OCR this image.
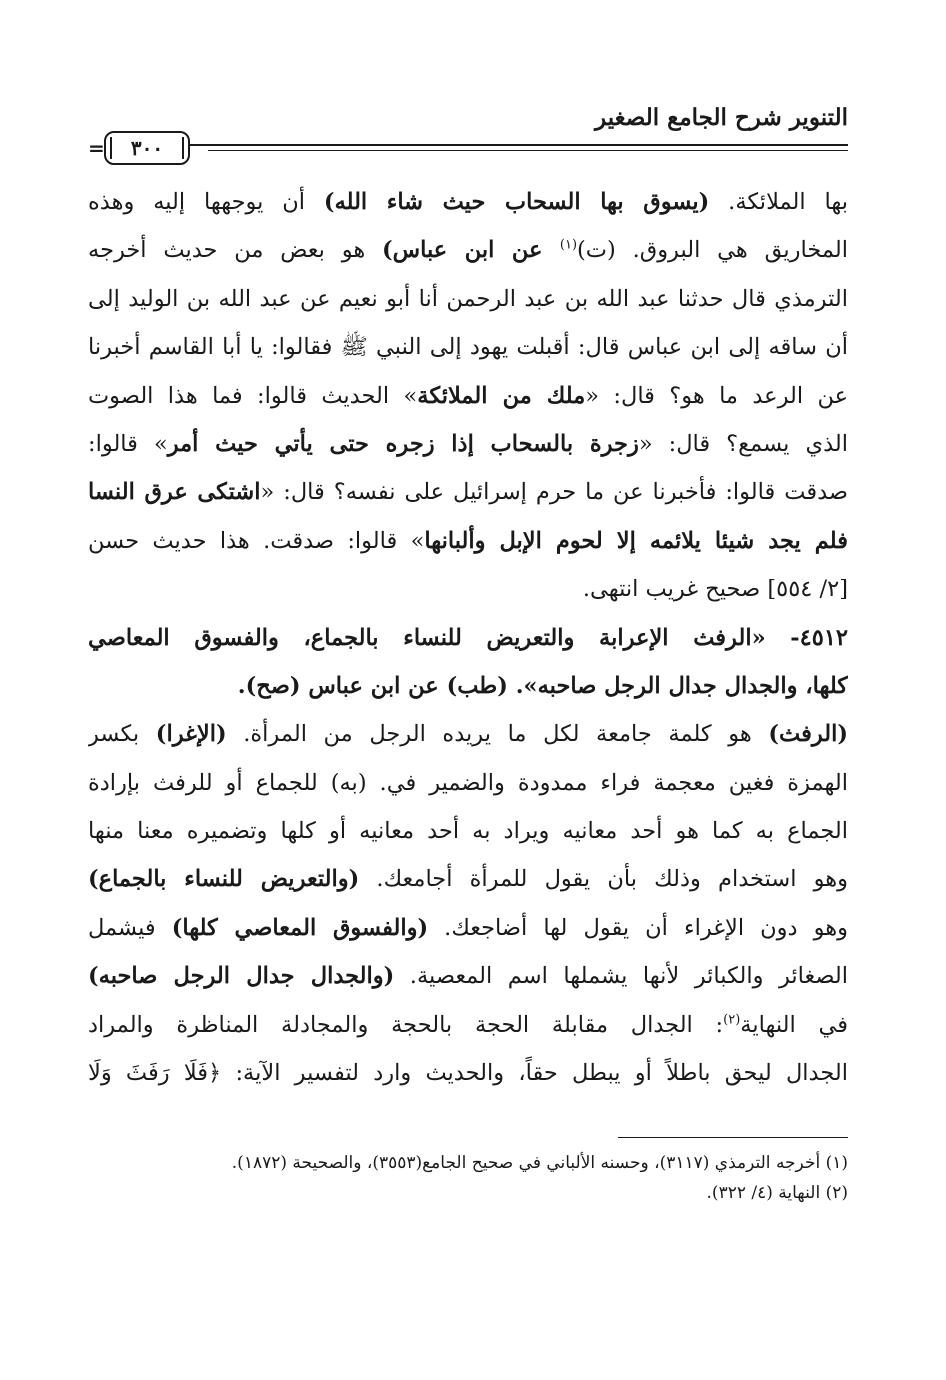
التنوير شرح الجامع الصغير
٣٠٠
=
بها الملائكة. (يسوق بها السحاب حيث شاء الله) أن يوجهها إليه وهذه
المخاريق هي البروق. (ت)$^{(١)}$ عن ابن عباس) هو بعض من حديث أخرجه
الترمذي قال حدثنا عبد الله بن عبد الرحمن أنا أبو نعيم عن عبد الله بن الوليد إلى
أن ساقه إلى ابن عباس قال: أقبلت يهود إلى النبي ﷺ فقالوا: يا أبا القاسم أخبرنا
عن الرعد ما هو؟ قال: «ملك من الملائكة» الحديث قالوا: فما هذا الصوت
الذي يسمع؟ قال: «زجرة بالسحاب إذا زجره حتى يأتي حيث أمر» قالوا:
صدقت قالوا: فأخبرنا عن ما حرم إسرائيل على نفسه؟ قال: «اشتكى عرق النسا
فلم يجد شيئا يلائمه إلا لحوم الإبل وألبانها» قالوا: صدقت. هذا حديث حسن
[٢/ ٥٥٤] صحيح غريب انتهى.
٤٥١٢- «الرفث الإعرابة والتعريض للنساء بالجماع، والفسوق المعاصي
كلها، والجدال جدال الرجل صاحبه». (طب) عن ابن عباس (صح).
(الرفث) هو كلمة جامعة لكل ما يريده الرجل من المرأة. (الإغرا) بكسر
الهمزة فغين معجمة فراء ممدودة والضمير في. (به) للجماع أو للرفث بإرادة
الجماع به كما هو أحد معانيه ويراد به أحد معانيه أو كلها وتضميره معنا منها
وهو استخدام وذلك بأن يقول للمرأة أجامعك. (والتعريض للنساء بالجماع)
وهو دون الإغراء أن يقول لها أضاجعك. (والفسوق المعاصي كلها) فيشمل
الصغائر والكبائر لأنها يشملها اسم المعصية. (والجدال جدال الرجل صاحبه)
في النهاية$^{(٢)}$: الجدال مقابلة الحجة بالحجة والمجادلة المناظرة والمراد
الجدال ليحق باطلاً أو يبطل حقاً، والحديث وارد لتفسير الآية: ﴿فَلَا رَفَثَ وَلَا
(١) أخرجه الترمذي (٣١١٧)، وحسنه الألباني في صحيح الجامع(٣٥٥٣)، والصحيحة (١٨٧٢).
(٢) النهاية (٤/ ٣٢٢).
